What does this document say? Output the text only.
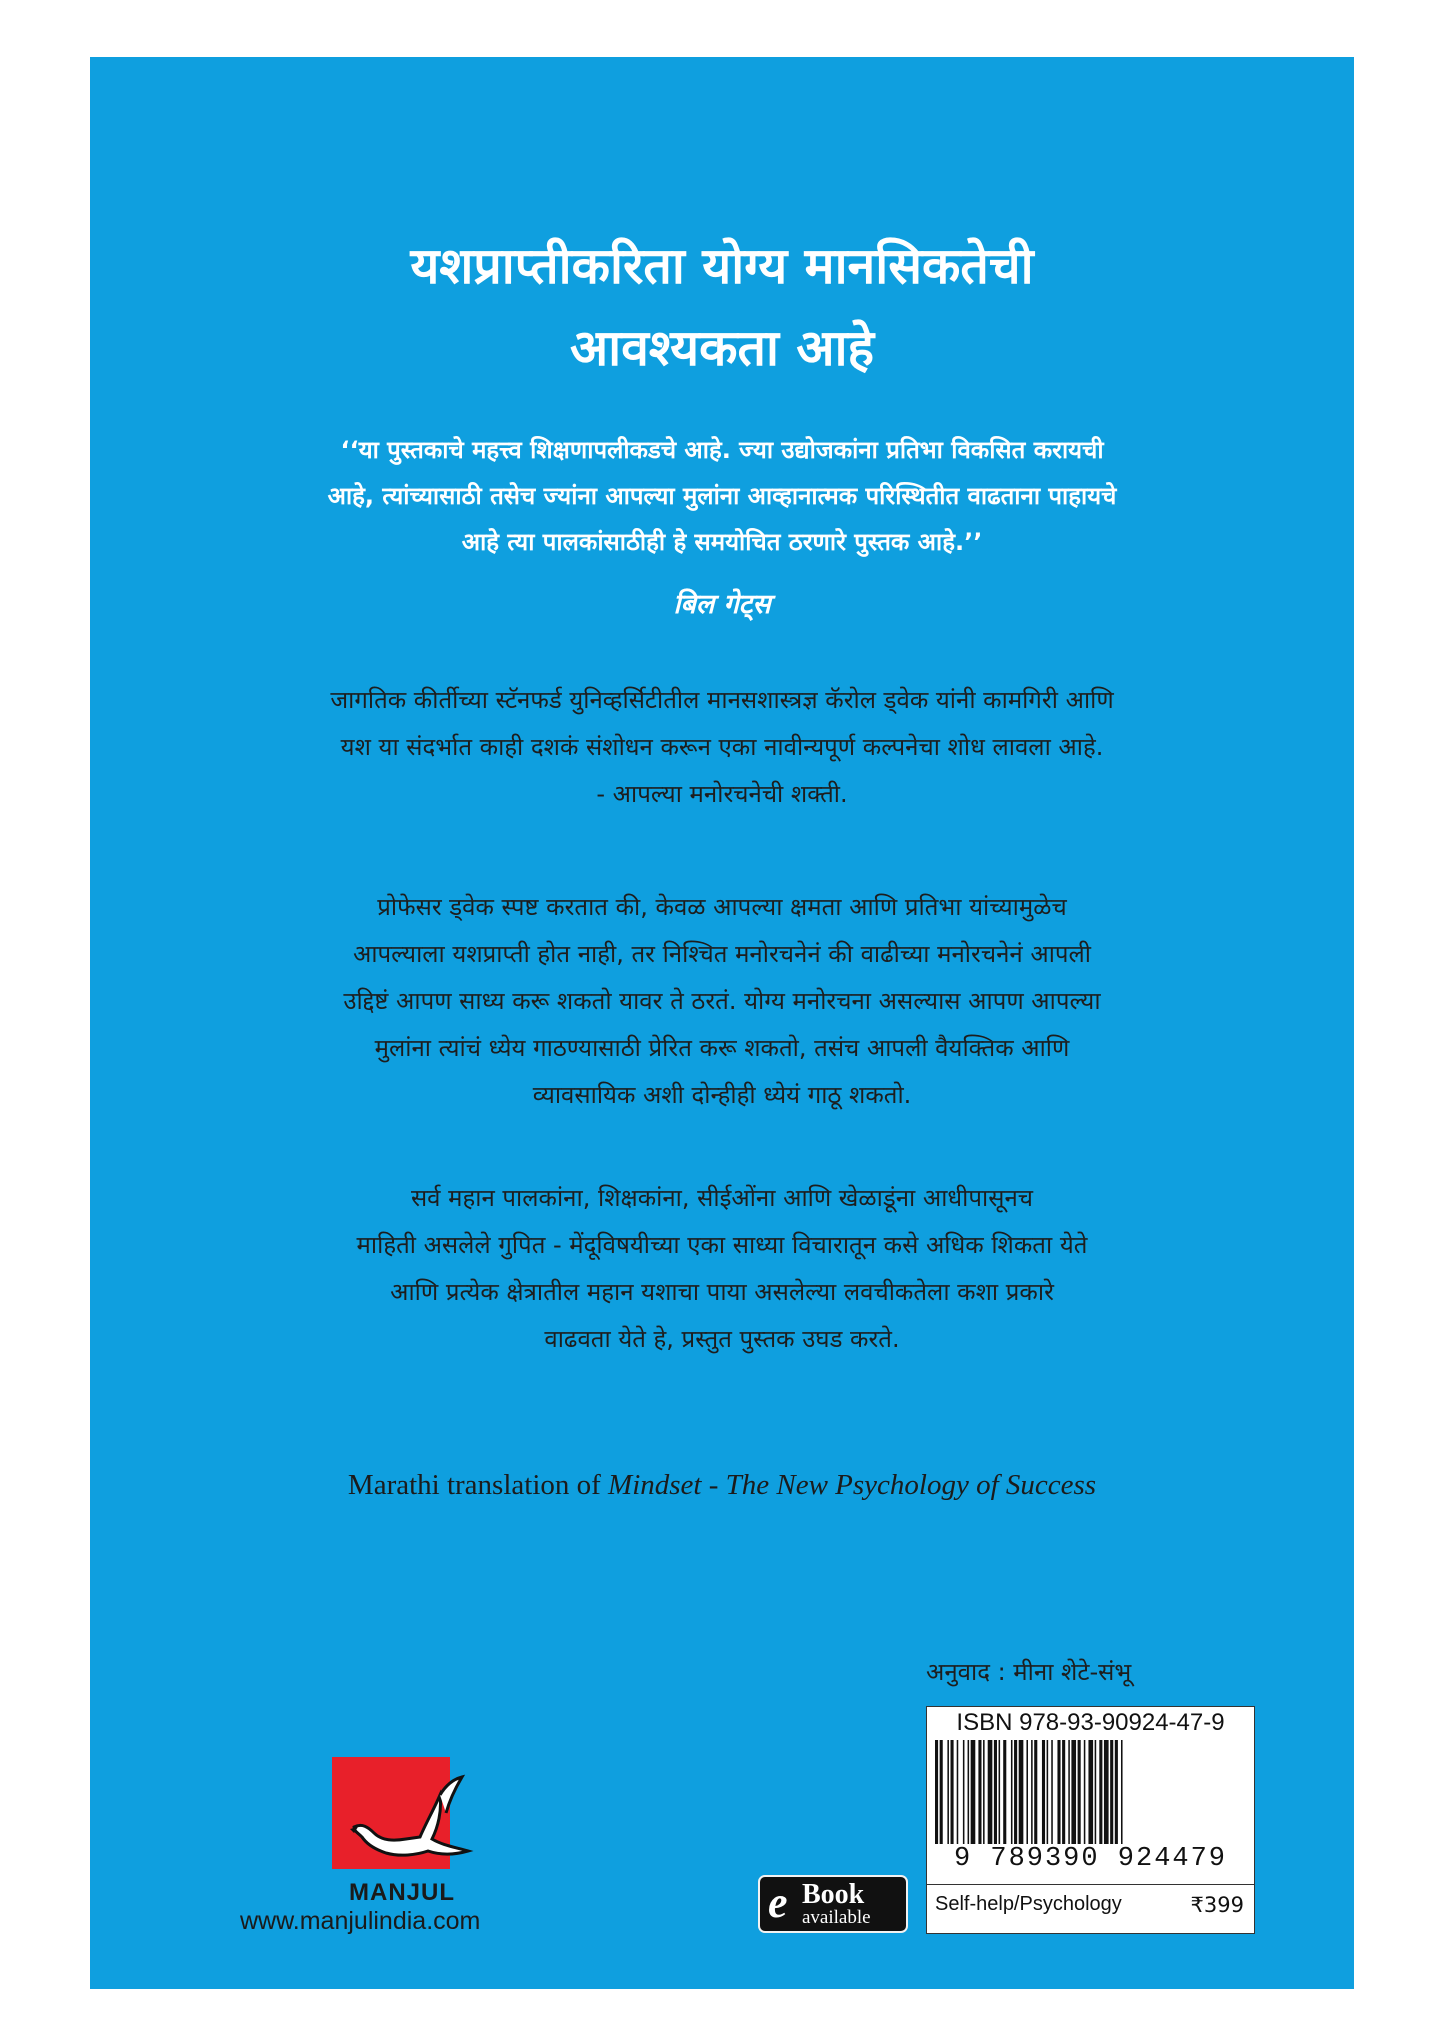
यशप्राप्तीकरिता योग्य मानसिकतेची
आवश्यकता आहे
‘‘या पुस्तकाचे महत्त्व शिक्षणापलीकडचे आहे. ज्या उद्योजकांना प्रतिभा विकसित करायची
आहे, त्यांच्यासाठी तसेच ज्यांना आपल्या मुलांना आव्हानात्मक परिस्थितीत वाढताना पाहायचे
आहे त्या पालकांसाठीही हे समयोचित ठरणारे पुस्तक आहे.’’
बिल गेट्स
जागतिक कीर्तीच्या स्टॅनफर्ड युनिव्हर्सिटीतील मानसशास्त्रज्ञ कॅरोल ड्वेक यांनी कामगिरी आणि
यश या संदर्भात काही दशकं संशोधन करून एका नावीन्यपूर्ण कल्पनेचा शोध लावला आहे.
- आपल्या मनोरचनेची शक्ती.
प्रोफेसर ड्वेक स्पष्ट करतात की, केवळ आपल्या क्षमता आणि प्रतिभा यांच्यामुळेच
आपल्याला यशप्राप्ती होत नाही, तर निश्चित मनोरचनेनं की वाढीच्या मनोरचनेनं आपली
उद्दिष्टं आपण साध्य करू शकतो यावर ते ठरतं. योग्य मनोरचना असल्यास आपण आपल्या
मुलांना त्यांचं ध्येय गाठण्यासाठी प्रेरित करू शकतो, तसंच आपली वैयक्तिक आणि
व्यावसायिक अशी दोन्हीही ध्येयं गाठू शकतो.
सर्व महान पालकांना, शिक्षकांना, सीईओंना आणि खेळाडूंना आधीपासूनच
माहिती असलेले गुपित - मेंदूविषयीच्या एका साध्या विचारातून कसे अधिक शिकता येते
आणि प्रत्येक क्षेत्रातील महान यशाचा पाया असलेल्या लवचीकतेला कशा प्रकारे
वाढवता येते हे, प्रस्तुत पुस्तक उघड करते.
Marathi translation of Mindset - The New Psychology of Success
अनुवाद : मीना शेटे-संभू
MANJUL
www.manjulindia.com	e Book
available
ISBN 978-93-90924-47-9
9 789390 924479
Self-help/Psychology	₹399
